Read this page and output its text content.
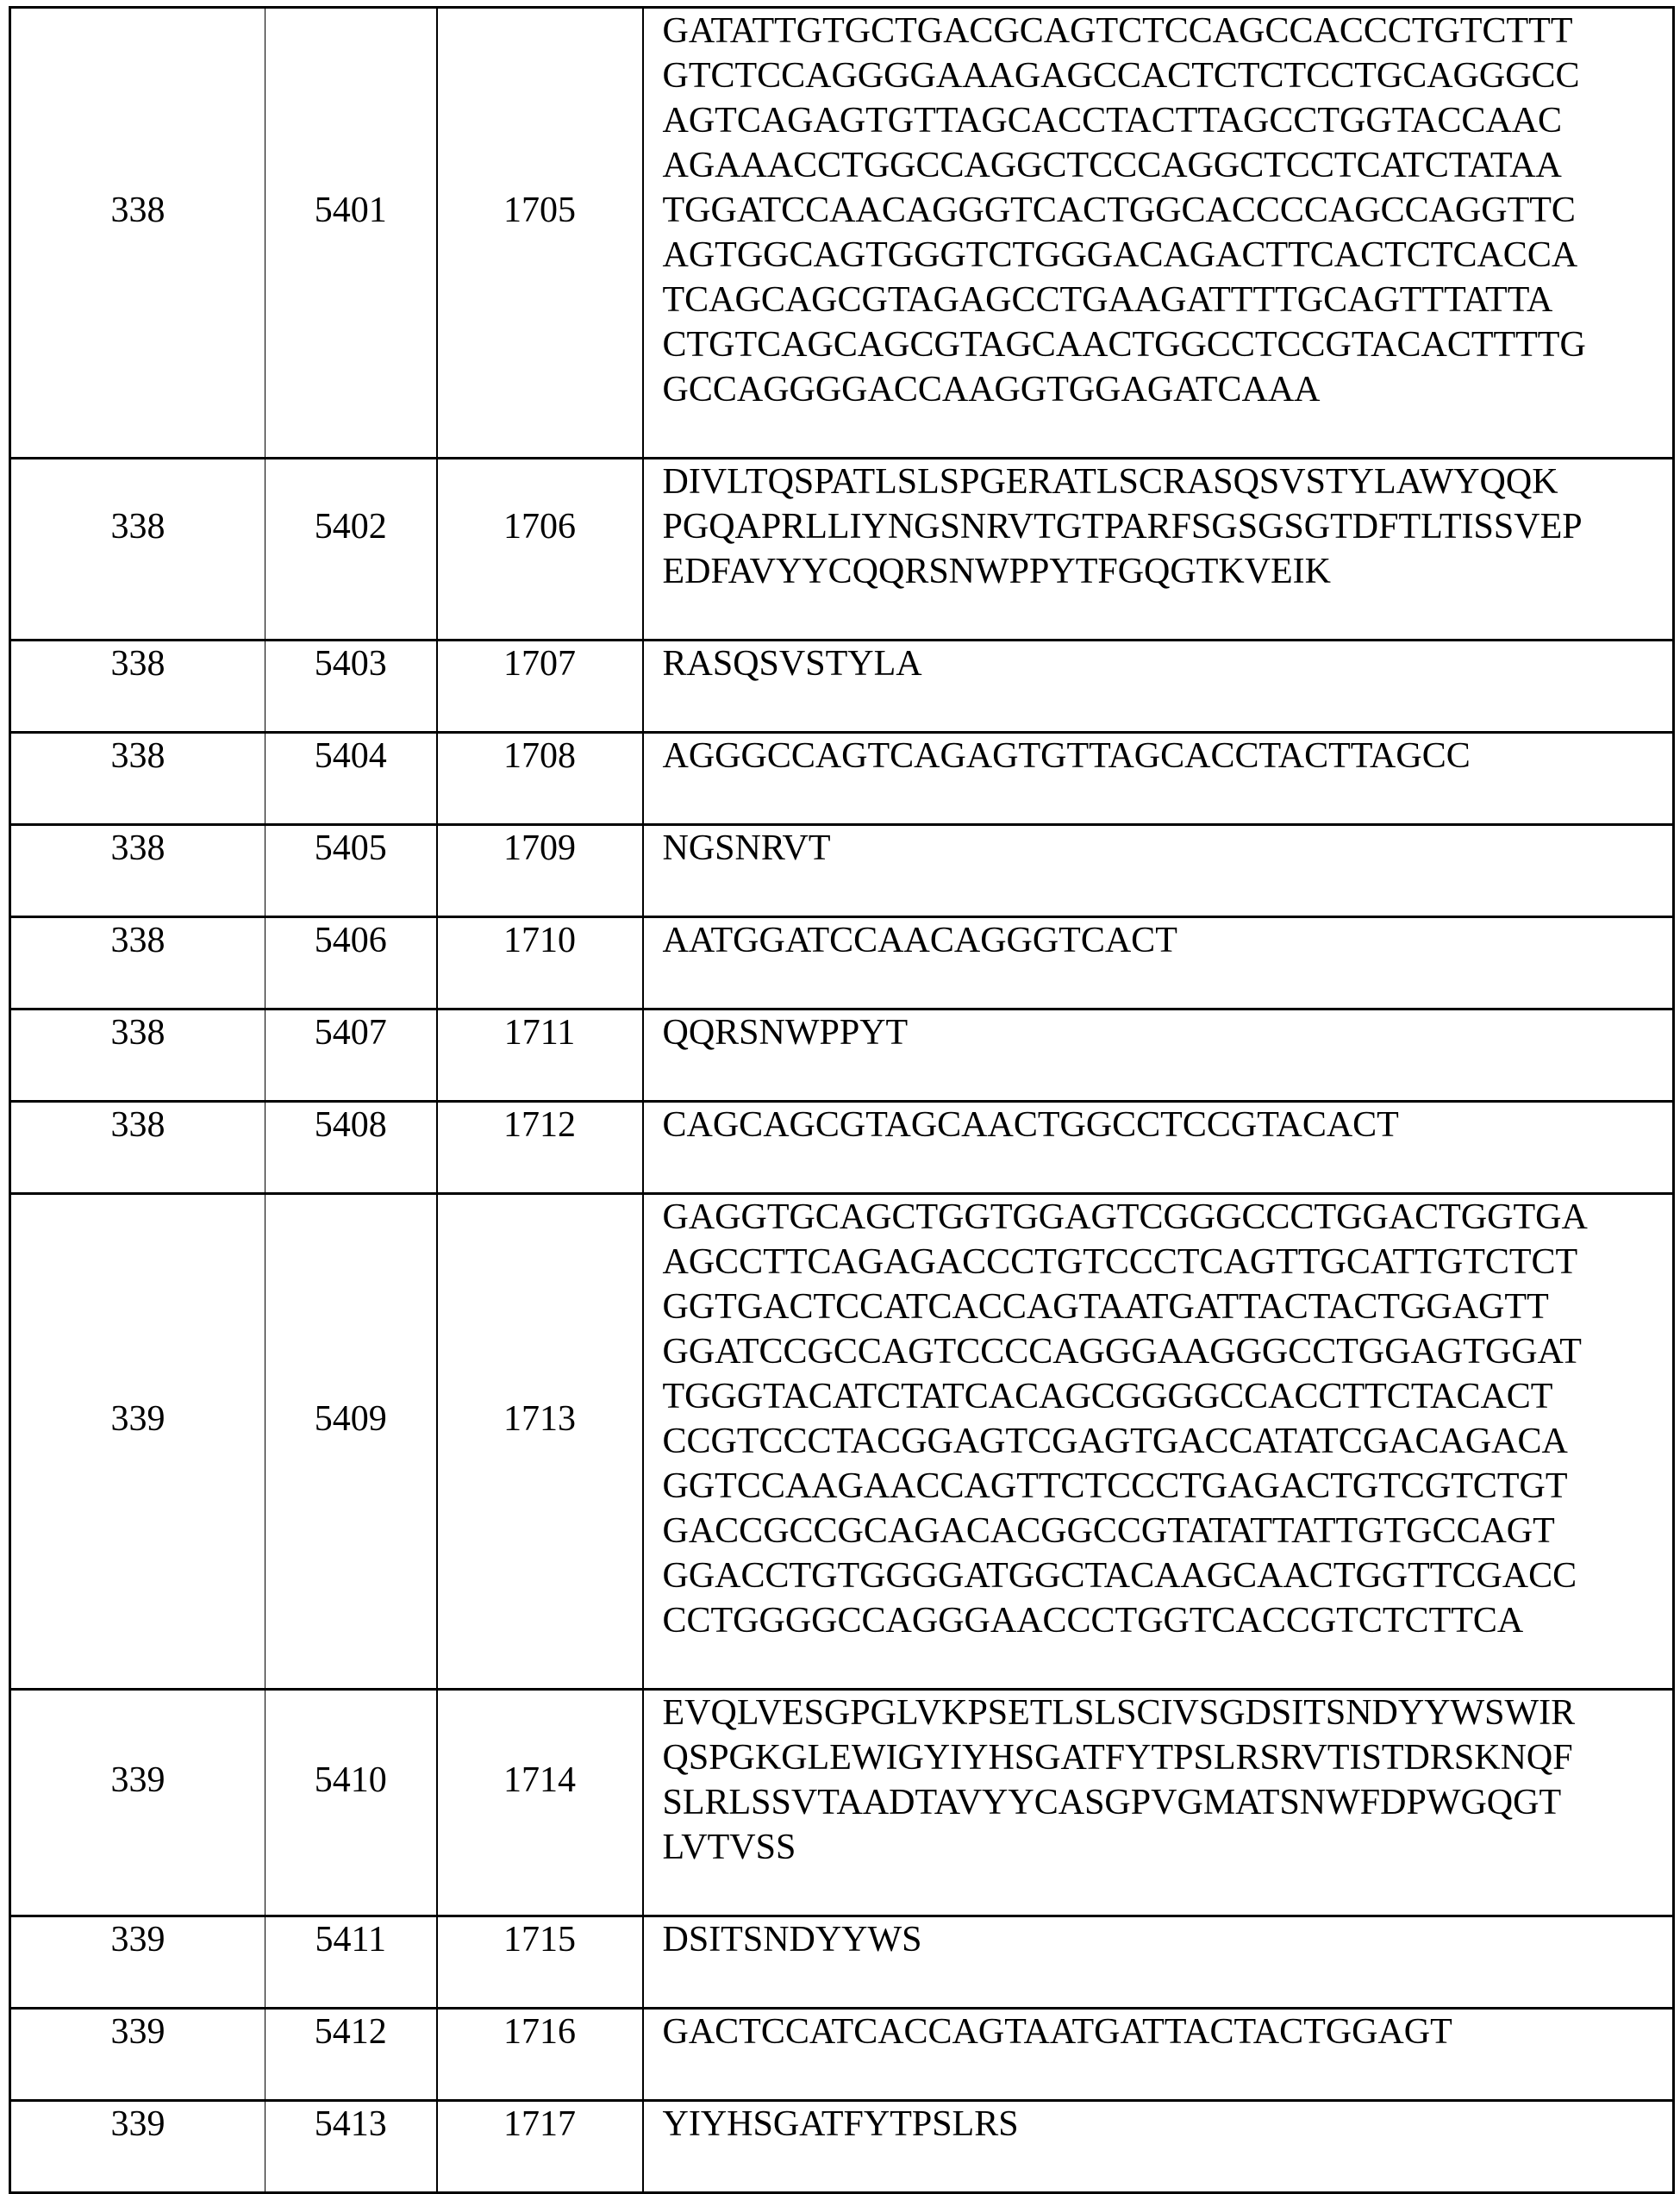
338	5401	1705	
GATATTGTGCTGACGCAGTCTCCAGCCACCCTGTCTTT
GTCTCCAGGGGAAAGAGCCACTCTCTCCTGCAGGGCC
AGTCAGAGTGTTAGCACCTACTTAGCCTGGTACCAAC
AGAAACCTGGCCAGGCTCCCAGGCTCCTCATCTATAA
TGGATCCAACAGGGTCACTGGCACCCCAGCCAGGTTC
AGTGGCAGTGGGTCTGGGACAGACTTCACTCTCACCA
TCAGCAGCGTAGAGCCTGAAGATTTTGCAGTTTATTA
CTGTCAGCAGCGTAGCAACTGGCCTCCGTACACTTTTG
GCCAGGGGACCAAGGTGGAGATCAAA

338	5402	1706	DIVLTQSPATLSLSPGERATLSCRASQSVSTYLAWYQQK
PGQAPRLLIYNGSNRVTGTPARFSGSGSGTDFTLTISSVEP
EDFAVYYCQQRSNWPPYTFGQGTKVEIK

338	5403	1707	RASQSVSTYLA

338	5404	1708	AGGGCCAGTCAGAGTGTTAGCACCTACTTAGCC

338	5405	1709	NGSNRVT

338	5406	1710	AATGGATCCAACAGGGTCACT

338	5407	1711	QQRSNWPPYT

338	5408	1712	CAGCAGCGTAGCAACTGGCCTCCGTACACT

339	5409	1713	
GAGGTGCAGCTGGTGGAGTCGGGCCCTGGACTGGTGA
AGCCTTCAGAGACCCTGTCCCTCAGTTGCATTGTCTCT
GGTGACTCCATCACCAGTAATGATTACTACTGGAGTT
GGATCCGCCAGTCCCCAGGGAAGGGCCTGGAGTGGAT
TGGGTACATCTATCACAGCGGGGCCACCTTCTACACT
CCGTCCCTACGGAGTCGAGTGACCATATCGACAGACA
GGTCCAAGAACCAGTTCTCCCTGAGACTGTCGTCTGT
GACCGCCGCAGACACGGCCGTATATTATTGTGCCAGT
GGACCTGTGGGGATGGCTACAAGCAACTGGTTCGACC
CCTGGGGCCAGGGAACCCTGGTCACCGTCTCTTCA

339	5410	1714	EVQLVESGPGLVKPSETLSLSCIVSGDSITSNDYYWSWIR
QSPGKGLEWIGYIYHSGATFYTPSLRSRVTISTDRSKNQF
SLRLSSVTAADTAVYYCASGPVGMATSNWFDPWGQGT
LVTVSS

339	5411	1715	DSITSNDYYWS

339	5412	1716	GACTCCATCACCAGTAATGATTACTACTGGAGT

339	5413	1717	YIYHSGATFYTPSLRS
